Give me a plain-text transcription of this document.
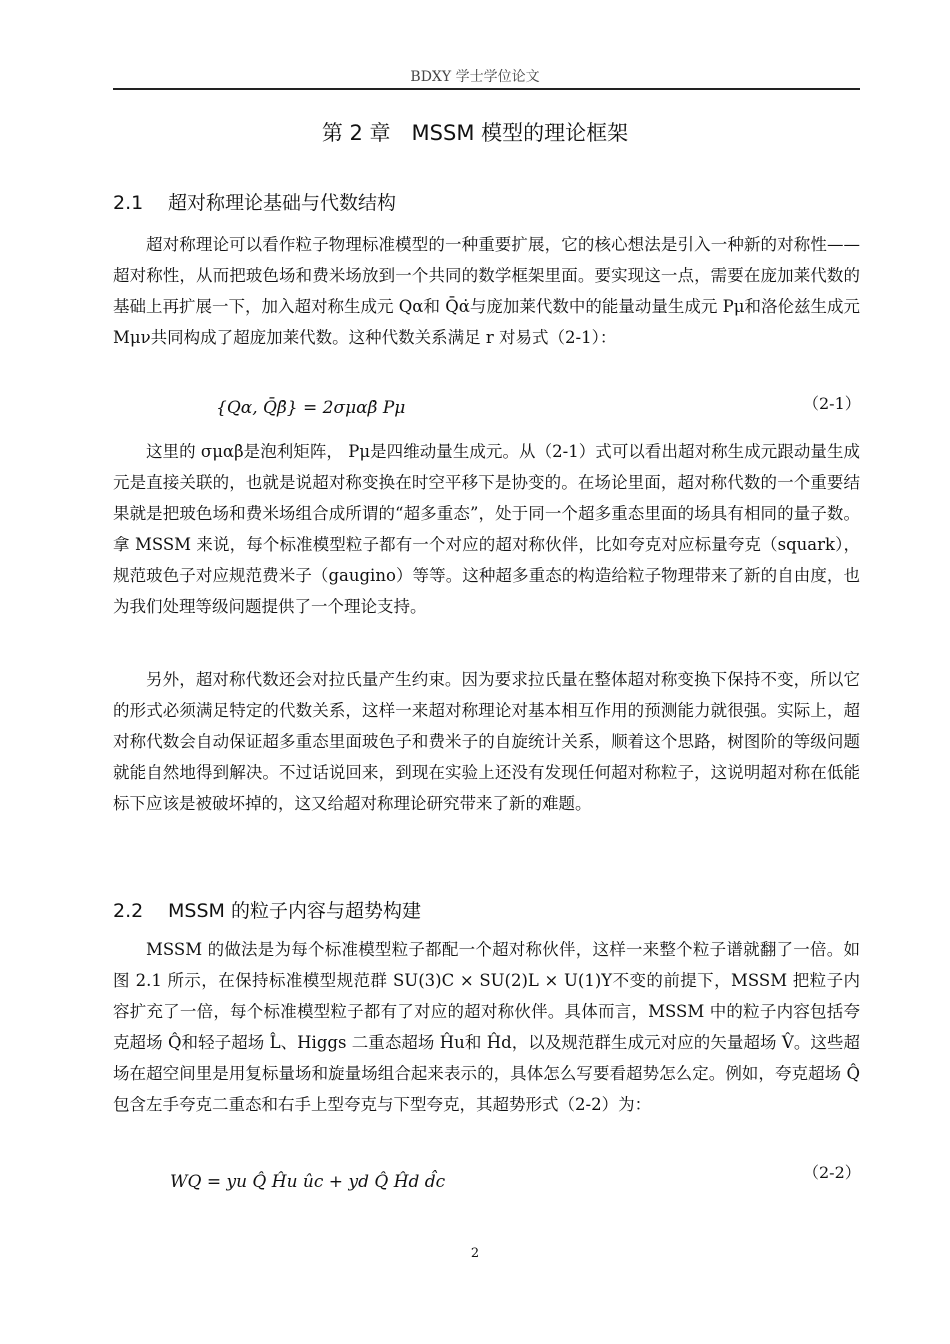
BDXY 学士学位论文
第 2 章　MSSM 模型的理论框架
2.1 超对称理论基础与代数结构

超对称理论可以看作粒子物理标准模型的一种重要扩展，它的核心想法是引入一种新的对称性——超对称性，从而把玻色场和费米场放到一个共同的数学框架里面。要实现这一点，需要在庞加莱代数的基础上再扩展一下，加入超对称生成元 Qα和 Q̄α̇与庞加莱代数中的能量动量生成元 Pμ和洛伦兹生成元 Mμν共同构成了超庞加莱代数。这种代数关系满足 r 对易式（2-1）：

{Qα, Q̄β̇} = 2σμαβ̇ Pμ	（2-1）

这里的 σμαβ̇是泡利矩阵， Pμ是四维动量生成元。从（2-1）式可以看出超对称生成元跟动量生成元是直接关联的，也就是说超对称变换在时空平移下是协变的。在场论里面，超对称代数的一个重要结果就是把玻色场和费米场组合成所谓的“超多重态”，处于同一个超多重态里面的场具有相同的量子数。拿 MSSM 来说，每个标准模型粒子都有一个对应的超对称伙伴，比如夸克对应标量夸克（squark），规范玻色子对应规范费米子（gaugino）等等。这种超多重态的构造给粒子物理带来了新的自由度，也为我们处理等级问题提供了一个理论支持。

另外，超对称代数还会对拉氏量产生约束。因为要求拉氏量在整体超对称变换下保持不变，所以它的形式必须满足特定的代数关系，这样一来超对称理论对基本相互作用的预测能力就很强。实际上，超对称代数会自动保证超多重态里面玻色子和费米子的自旋统计关系，顺着这个思路，树图阶的等级问题就能自然地得到解决。不过话说回来，到现在实验上还没有发现任何超对称粒子，这说明超对称在低能标下应该是被破坏掉的，这又给超对称理论研究带来了新的难题。

2.2 MSSM 的粒子内容与超势构建

MSSM 的做法是为每个标准模型粒子都配一个超对称伙伴，这样一来整个粒子谱就翻了一倍。如图 2.1 所示，在保持标准模型规范群 SU(3)C × SU(2)L × U(1)Y不变的前提下，MSSM 把粒子内容扩充了一倍，每个标准模型粒子都有了对应的超对称伙伴。具体而言，MSSM 中的粒子内容包括夸克超场 Q̂和轻子超场 L̂、Higgs 二重态超场 Ĥu和 Ĥd，以及规范群生成元对应的矢量超场 V̂。这些超场在超空间里是用复标量场和旋量场组合起来表示的，具体怎么写要看超势怎么定。例如，夸克超场 Q̂包含左手夸克二重态和右手上型夸克与下型夸克，其超势形式（2-2）为：

WQ = yu Q̂ Ĥu ûc + yd Q̂ Ĥd d̂c	（2-2）
2
